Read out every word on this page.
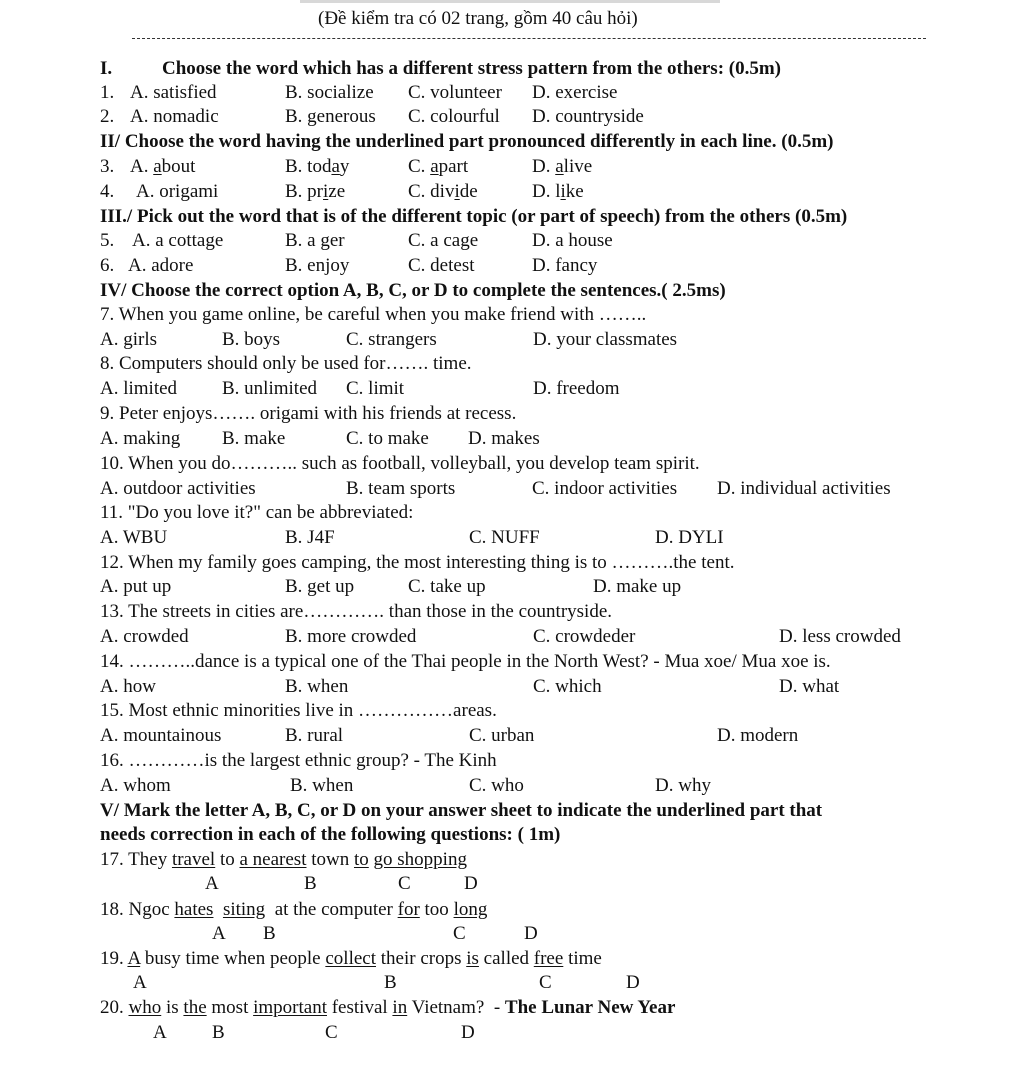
(Đề kiểm tra có 02 trang, gồm 40 câu hỏi)
I.	Choose the word which has a different stress pattern from the others: (0.5m)
1. A. satisfied	B. socialize C. volunteer D. exercise
2. A. nomadic	B. generous C. colourful D. countryside
II/ Choose the word having the underlined part pronounced differently in each line. (0.5m)
3. A. about	B. today	C. apart	D. alive
4. A. origami	B. prize	C. divide	D. like
III./ Pick out the word that is of the different topic (or part of speech) from the others (0.5m)
5. A. a cottage	B. a ger	C. a cage	D. a house
6. A. adore	B. enjoy	C. detest	D. fancy
IV/ Choose the correct option A, B, C, or D to complete the sentences.( 2.5ms)
7. When you game online, be careful when you make friend with ……..
A. girls	B. boys	C. strangers	D. your classmates
8. Computers should only be used for……. time.
A. limited B. unlimited C. limit	D. freedom
9. Peter enjoys……. origami with his friends at recess.
A. making B. make	C. to make D. makes
10. When you do……….. such as football, volleyball, you develop team spirit.
A. outdoor activities	B. team sports	C. indoor activities D. individual activities
11. "Do you love it?" can be abbreviated:
A. WBU	B. J4F	C. NUFF	D. DYLI
12. When my family goes camping, the most interesting thing is to ……….the tent.
A. put up	B. get up	C. take up	D. make up
13. The streets in cities are…………. than those in the countryside.
A. crowded	B. more crowded	C. crowdeder	D. less crowded
14. ………..dance is a typical one of the Thai people in the North West? - Mua xoe/ Mua xoe is.
A. how	B. when	C. which	D. what
15. Most ethnic minorities live in ……………areas.
A. mountainous	B. rural	C. urban	D. modern
16. …………is the largest ethnic group? - The Kinh
A. whom	B. when	C. who	D. why
V/ Mark the letter A, B, C, or D on your answer sheet to indicate the underlined part that
needs correction in each of the following questions: ( 1m)
17. They travel to a nearest town to go shopping
A	B	C	D
18. Ngoc hates siting  at the computer for too long
A B	C	D
19. A busy time when people collect their crops is called free time
A	B	C	D
20. who is the most important festival in Vietnam?  - The Lunar New Year
A B	C	D
